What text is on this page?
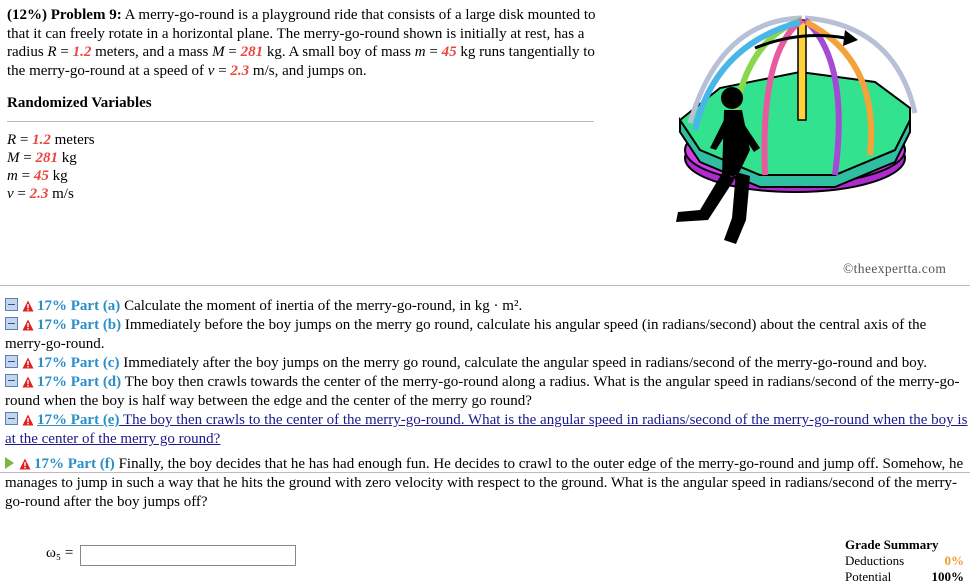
(12%) Problem 9: A merry-go-round is a playground ride that consists of a large disk mounted to that it can freely rotate in a horizontal plane. The merry-go-round shown is initially at rest, has a radius R = 1.2 meters, and a mass M = 281 kg. A small boy of mass m = 45 kg runs tangentially to the merry-go-round at a speed of v = 2.3 m/s, and jumps on.
Randomized Variables
R = 1.2 meters
M = 281 kg
m = 45 kg
v = 2.3 m/s
©theexpertta.com
17% Part (a) Calculate the moment of inertia of the merry-go-round, in kg · m².
17% Part (b) Immediately before the boy jumps on the merry go round, calculate his angular speed (in radians/second) about the central axis of the merry-go-round.
17% Part (c) Immediately after the boy jumps on the merry go round, calculate the angular speed in radians/second of the merry-go-round and boy.
17% Part (d) The boy then crawls towards the center of the merry-go-round along a radius. What is the angular speed in radians/second of the merry-go-round when the boy is half way between the edge and the center of the merry go round?
17% Part (e) The boy then crawls to the center of the merry-go-round. What is the angular speed in radians/second of the merry-go-round when the boy is at the center of the merry go round?
17% Part (f) Finally, the boy decides that he has had enough fun. He decides to crawl to the outer edge of the merry-go-round and jump off. Somehow, he manages to jump in such a way that he hits the ground with zero velocity with respect to the ground. What is the angular speed in radians/second of the merry-go-round after the boy jumps off?
ω₅ =
Grade Summary
Deductions	0%
Potential	100%
